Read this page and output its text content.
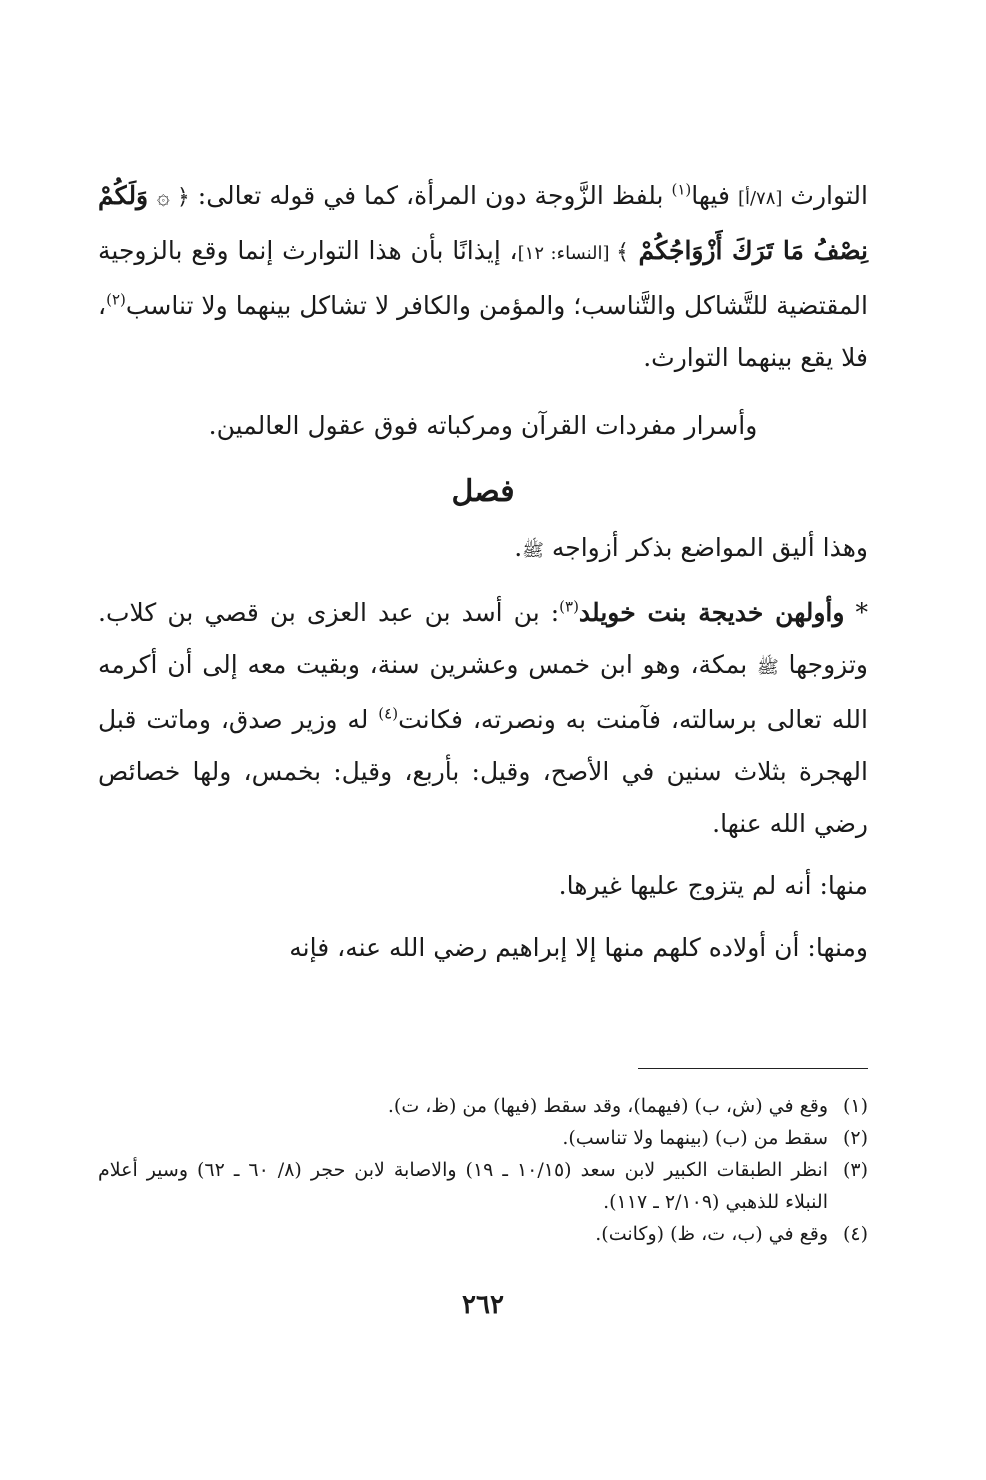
التوارث [٧٨/أ] فيها$^{(١)}$ بلفظ الزَّوجة دون المرأة، كما في قوله تعالى: ﴿ ۞ وَلَكُمْ نِصْفُ مَا تَرَكَ أَزْوَاجُكُمْ ﴾ [النساء: ١٢]، إيذانًا بأن هذا التوارث إنما وقع بالزوجية المقتضية للتَّشاكل والتَّناسب؛ والمؤمن والكافر لا تشاكل بينهما ولا تناسب$^{(٢)}$، فلا يقع بينهما التوارث.

وأسرار مفردات القرآن ومركباته فوق عقول العالمين.

فصل

وهذا أليق المواضع بذكر أزواجه ﷺ.

* وأولهن خديجة بنت خويلد$^{(٣)}$: بن أسد بن عبد العزى بن قصي بن كلاب. وتزوجها ﷺ بمكة، وهو ابن خمس وعشرين سنة، وبقيت معه إلى أن أكرمه الله تعالى برسالته، فآمنت به ونصرته، فكانت$^{(٤)}$ له وزير صدق، وماتت قبل الهجرة بثلاث سنين في الأصح، وقيل: بأربع، وقيل: بخمس، ولها خصائص رضي الله عنها.

منها: أنه لم يتزوج عليها غيرها.

ومنها: أن أولاده كلهم منها إلا إبراهيم رضي الله عنه، فإنه

(١)
وقع في (ش، ب) (فيهما)، وقد سقط (فيها) من (ظ، ت).
(٢)
سقط من (ب) (بينهما ولا تناسب).
(٣)
انظر الطبقات الكبير لابن سعد (١٠/١٥ ـ ١٩) والاصابة لابن حجر (٨/ ٦٠ ـ ٦٢) وسير أعلام النبلاء للذهبي (٢/١٠٩ ـ ١١٧).
(٤)
وقع في (ب، ت، ظ) (وكانت).
٢٦٢
